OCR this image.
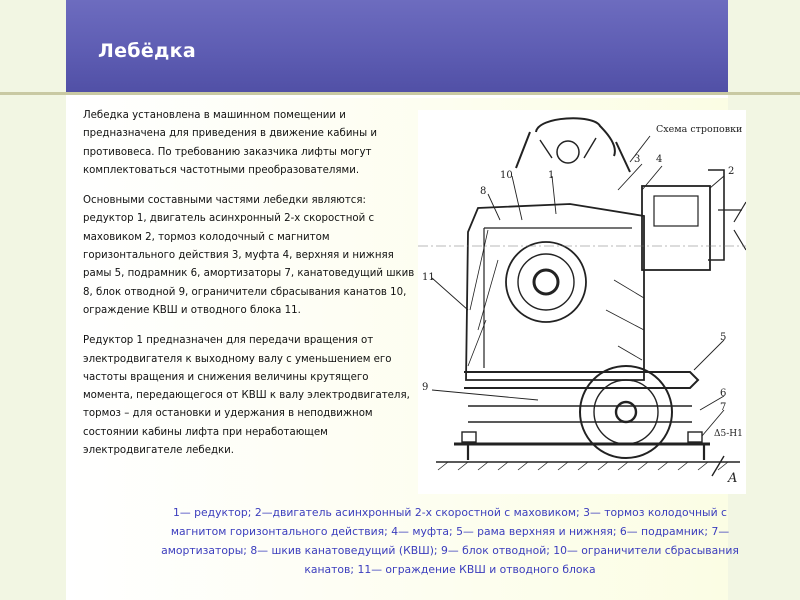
Лебёдка

Лебедка установлена в машинном помещении и предназначена для приведения в движение кабины и противовеса. По требованию заказчика лифты могут комплектоваться частотными преобразователями.

Основными составными частями лебедки являются: редуктор 1, двигатель асинхронный 2-х скоростной с маховиком 2, тормоз колодочный с магнитом горизонтального действия 3, муфта 4, верхняя и нижняя рамы 5, подрамник 6, амортизаторы 7, канатоведущий шкив 8, блок отводной 9, ограничители сбрасывания канатов 10, ограждение КВШ и отводного блока 11.

Редуктор 1 предназначен для передачи вращения от электродвигателя к выходному валу с уменьшением его частоты вращения и снижения величины крутящего момента, передающегося от КВШ к валу электродвигателя, тормоз – для остановки и удержания в неподвижном состоянии кабины лифта при неработающем электродвигателе лебедки.

Схема строповки
10	1
3 4
2
8
11
5
9
6
7
Δ5-Н1
A
1— редуктор; 2—двигатель асинхронный 2-х скоростной с маховиком; 3— тормоз колодочный с магнитом горизонтального действия; 4— муфта; 5— рама верхняя и нижняя; 6— подрамник; 7— амортизаторы; 8— шкив канатоведущий (КВШ); 9— блок отводной; 10— ограничители сбрасывания канатов; 11— ограждение КВШ и отводного блока
